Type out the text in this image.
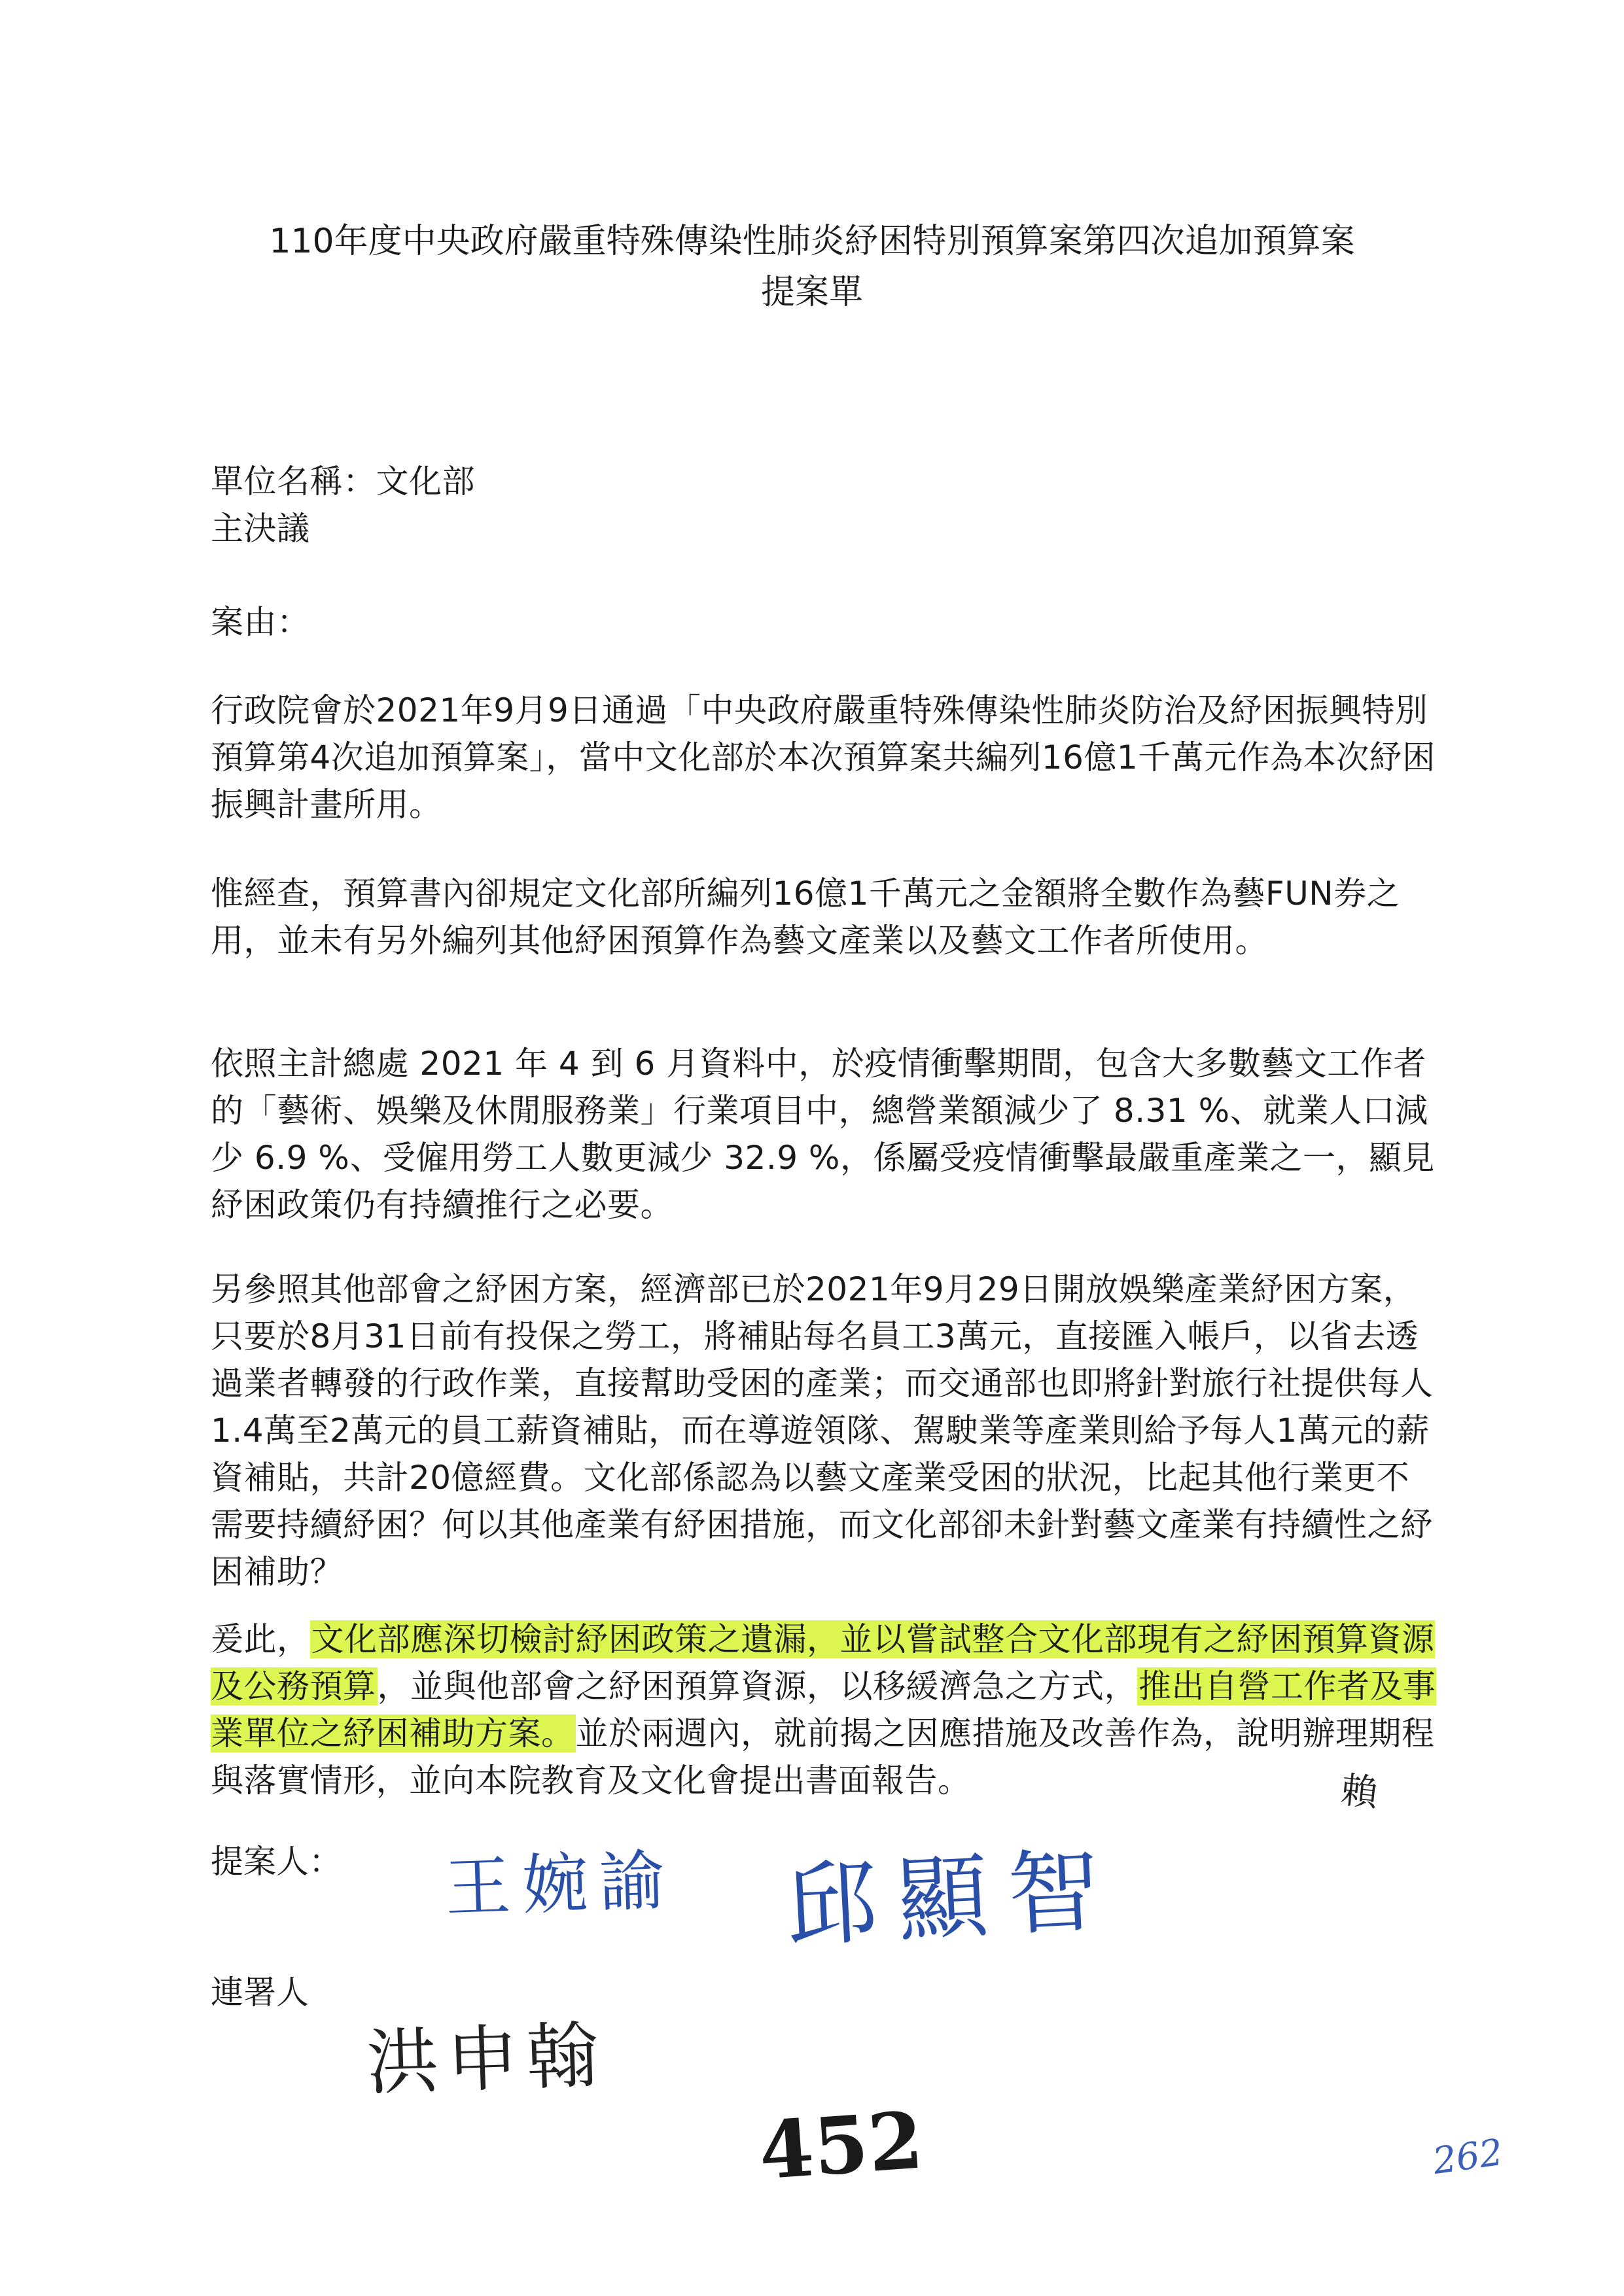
110年度中央政府嚴重特殊傳染性肺炎紓困特別預算案第四次追加預算案
提案單
單位名稱：文化部
主決議
案由：

行政院會於2021年9月9日通過「中央政府嚴重特殊傳染性肺炎防治及紓困振興特別預算第4次追加預算案」，當中文化部於本次預算案共編列16億1千萬元作為本次紓困振興計畫所用。

惟經查，預算書內卻規定文化部所編列16億1千萬元之金額將全數作為藝FUN券之用，並未有另外編列其他紓困預算作為藝文產業以及藝文工作者所使用。

依照主計總處 2021 年 4 到 6 月資料中，於疫情衝擊期間，包含大多數藝文工作者的「藝術、娛樂及休閒服務業」行業項目中，總營業額減少了 8.31 %、就業人口減少 6.9 %、受僱用勞工人數更減少 32.9 %，係屬受疫情衝擊最嚴重產業之一，顯見紓困政策仍有持續推行之必要。

另參照其他部會之紓困方案，經濟部已於2021年9月29日開放娛樂產業紓困方案，只要於8月31日前有投保之勞工，將補貼每名員工3萬元，直接匯入帳戶，以省去透過業者轉發的行政作業，直接幫助受困的產業；而交通部也即將針對旅行社提供每人1.4萬至2萬元的員工薪資補貼，而在導遊領隊、駕駛業等產業則給予每人1萬元的薪資補貼，共計20億經費。文化部係認為以藝文產業受困的狀況，比起其他行業更不需要持續紓困？何以其他產業有紓困措施，而文化部卻未針對藝文產業有持續性之紓困補助？

爰此，文化部應深切檢討紓困政策之遺漏，並以嘗試整合文化部現有之紓困預算資源及公務預算，並與他部會之紓困預算資源，以移緩濟急之方式，推出自營工作者及事業單位之紓困補助方案。並於兩週內，就前揭之因應措施及改善作為，說明辦理期程與落實情形，並向本院教育及文化會提出書面報告。

提案人：
連署人
賴
王婉諭 邱顯智
洪申翰
452	262
